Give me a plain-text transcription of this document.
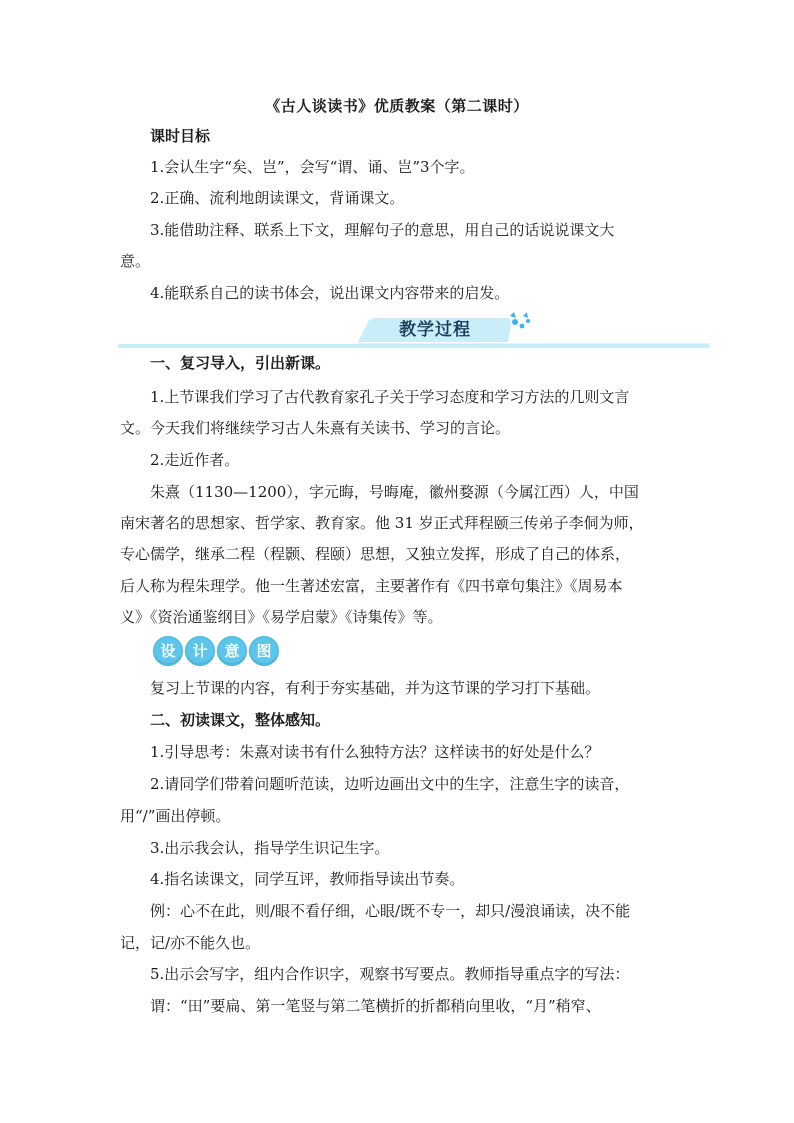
《古人谈读书》优质教案（第二课时）
课时目标
1.会认生字“矣、岂”，会写“谓、诵、岂”3个字。
2.正确、流利地朗读课文，背诵课文。
3.能借助注释、联系上下文，理解句子的意思，用自己的话说说课文大
意。
4.能联系自己的读书体会，说出课文内容带来的启发。
教学过程
一、复习导入，引出新课。
1.上节课我们学习了古代教育家孔子关于学习态度和学习方法的几则文言
文。今天我们将继续学习古人朱熹有关读书、学习的言论。
2.走近作者。
朱熹（1130—1200），字元晦，号晦庵，徽州婺源（今属江西）人，中国
南宋著名的思想家、哲学家、教育家。他 31 岁正式拜程颐三传弟子李侗为师，
专心儒学，继承二程（程颢、程颐）思想，又独立发挥，形成了自己的体系，
后人称为程朱理学。他一生著述宏富，主要著作有《四书章句集注》《周易本
义》《资治通鉴纲目》《易学启蒙》《诗集传》等。
设	计	意	图
复习上节课的内容，有利于夯实基础，并为这节课的学习打下基础。
二、初读课文，整体感知。
1.引导思考：朱熹对读书有什么独特方法？这样读书的好处是什么？
2.请同学们带着问题听范读，边听边画出文中的生字，注意生字的读音，
用“/”画出停顿。
3.出示我会认，指导学生识记生字。
4.指名读课文，同学互评，教师指导读出节奏。
例：心不在此，则/眼不看仔细，心眼/既不专一，却只/漫浪诵读，决不能
记，记/亦不能久也。
5.出示会写字，组内合作识字，观察书写要点。教师指导重点字的写法：
谓：“田”要扁、第一笔竖与第二笔横折的折都稍向里收，“月”稍窄、
